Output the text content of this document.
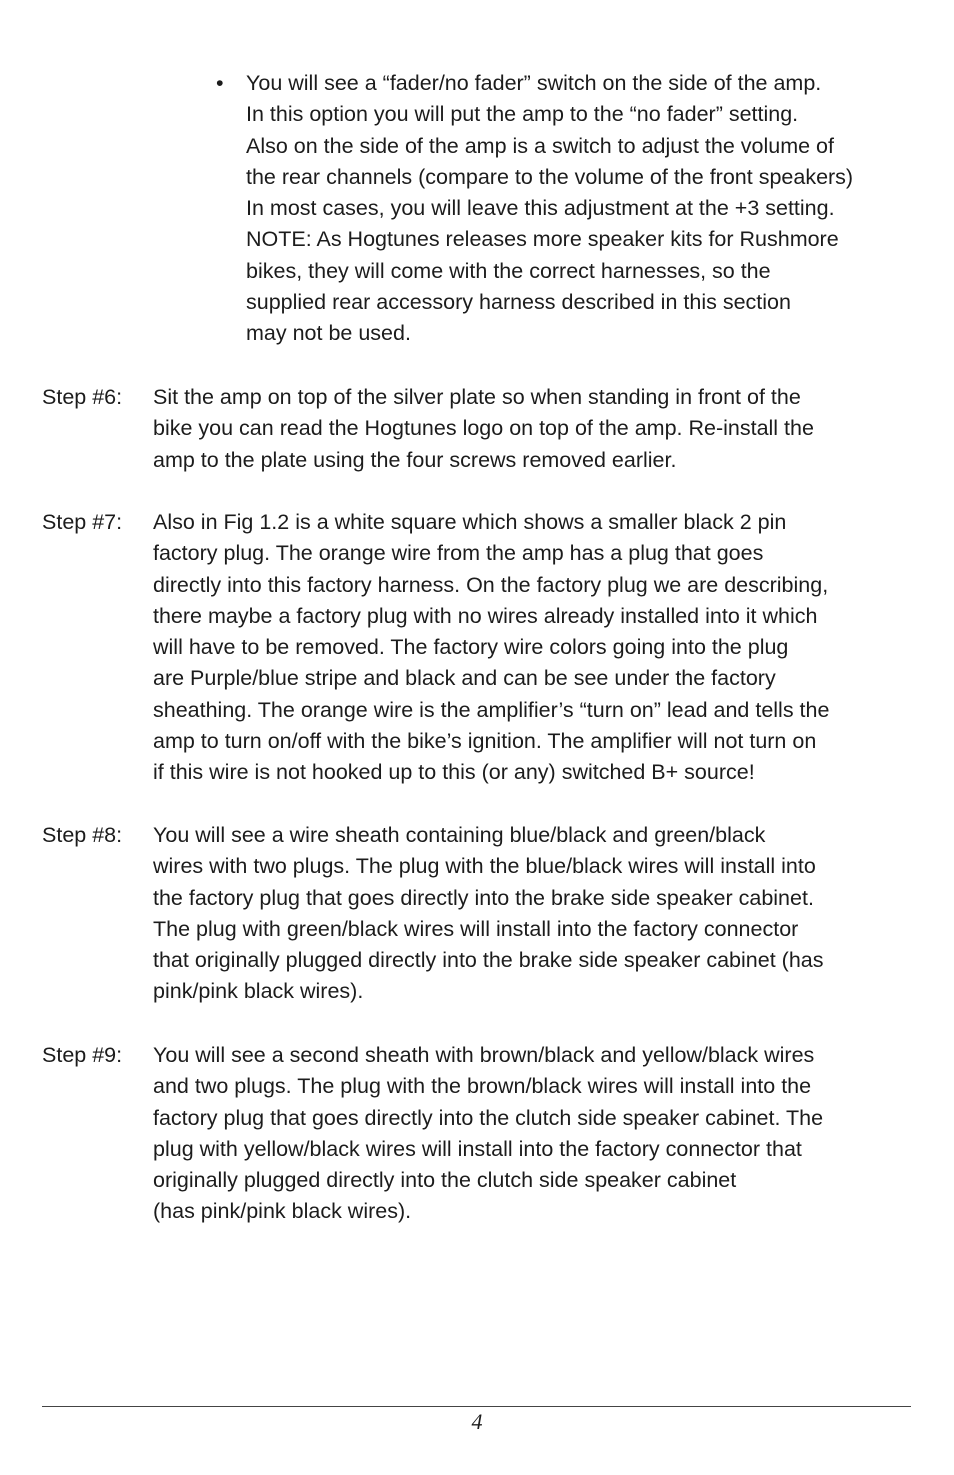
• You will see a “fader/no fader” switch on the side of the amp.
In this option you will put the amp to the “no fader” setting.
Also on the side of the amp is a switch to adjust the volume of
the rear channels (compare to the volume of the front speakers)
In most cases, you will leave this adjustment at the +3 setting.
NOTE: As Hogtunes releases more speaker kits for Rushmore
bikes, they will come with the correct harnesses, so the
supplied rear accessory harness described in this section
may not be used.
Step #6: Sit the amp on top of the silver plate so when standing in front of the
bike you can read the Hogtunes logo on top of the amp. Re-install the
amp to the plate using the four screws removed earlier.
Step #7: Also in Fig 1.2 is a white square which shows a smaller black 2 pin
factory plug. The orange wire from the amp has a plug that goes
directly into this factory harness. On the factory plug we are describing,
there maybe a factory plug with no wires already installed into it which
will have to be removed. The factory wire colors going into the plug
are Purple/blue stripe and black and can be see under the factory
sheathing. The orange wire is the amplifier’s “turn on” lead and tells the
amp to turn on/off with the bike’s ignition. The amplifier will not turn on
if this wire is not hooked up to this (or any) switched B+ source!
Step #8: You will see a wire sheath containing blue/black and green/black
wires with two plugs. The plug with the blue/black wires will install into
the factory plug that goes directly into the brake side speaker cabinet.
The plug with green/black wires will install into the factory connector
that originally plugged directly into the brake side speaker cabinet (has
pink/pink black wires).
Step #9: You will see a second sheath with brown/black and yellow/black wires
and two plugs. The plug with the brown/black wires will install into the
factory plug that goes directly into the clutch side speaker cabinet. The
plug with yellow/black wires will install into the factory connector that
originally plugged directly into the clutch side speaker cabinet
(has pink/pink black wires).
4
